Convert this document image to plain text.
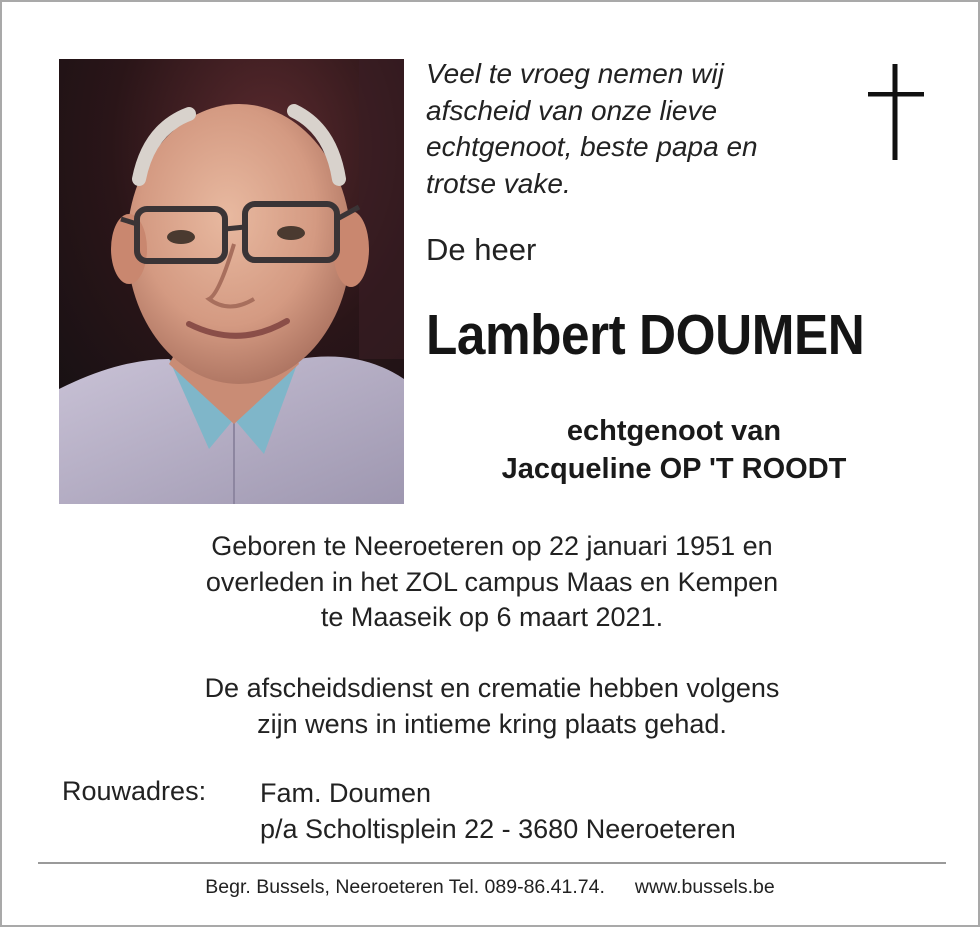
Veel te vroeg nemen wij
afscheid van onze lieve
echtgenoot, beste papa en
trotse vake.
De heer
Lambert DOUMEN
echtgenoot van
Jacqueline OP 'T ROODT
Geboren te Neeroeteren op 22 januari 1951 en
overleden in het ZOL campus Maas en Kempen
te Maaseik op 6 maart 2021.
De afscheidsdienst en crematie hebben volgens
zijn wens in intieme kring plaats gehad.
Rouwadres: Fam. Doumen
p/a Scholtisplein 22 - 3680 Neeroeteren
Begr. Bussels, Neeroeteren Tel. 089-86.41.74. www.bussels.be
